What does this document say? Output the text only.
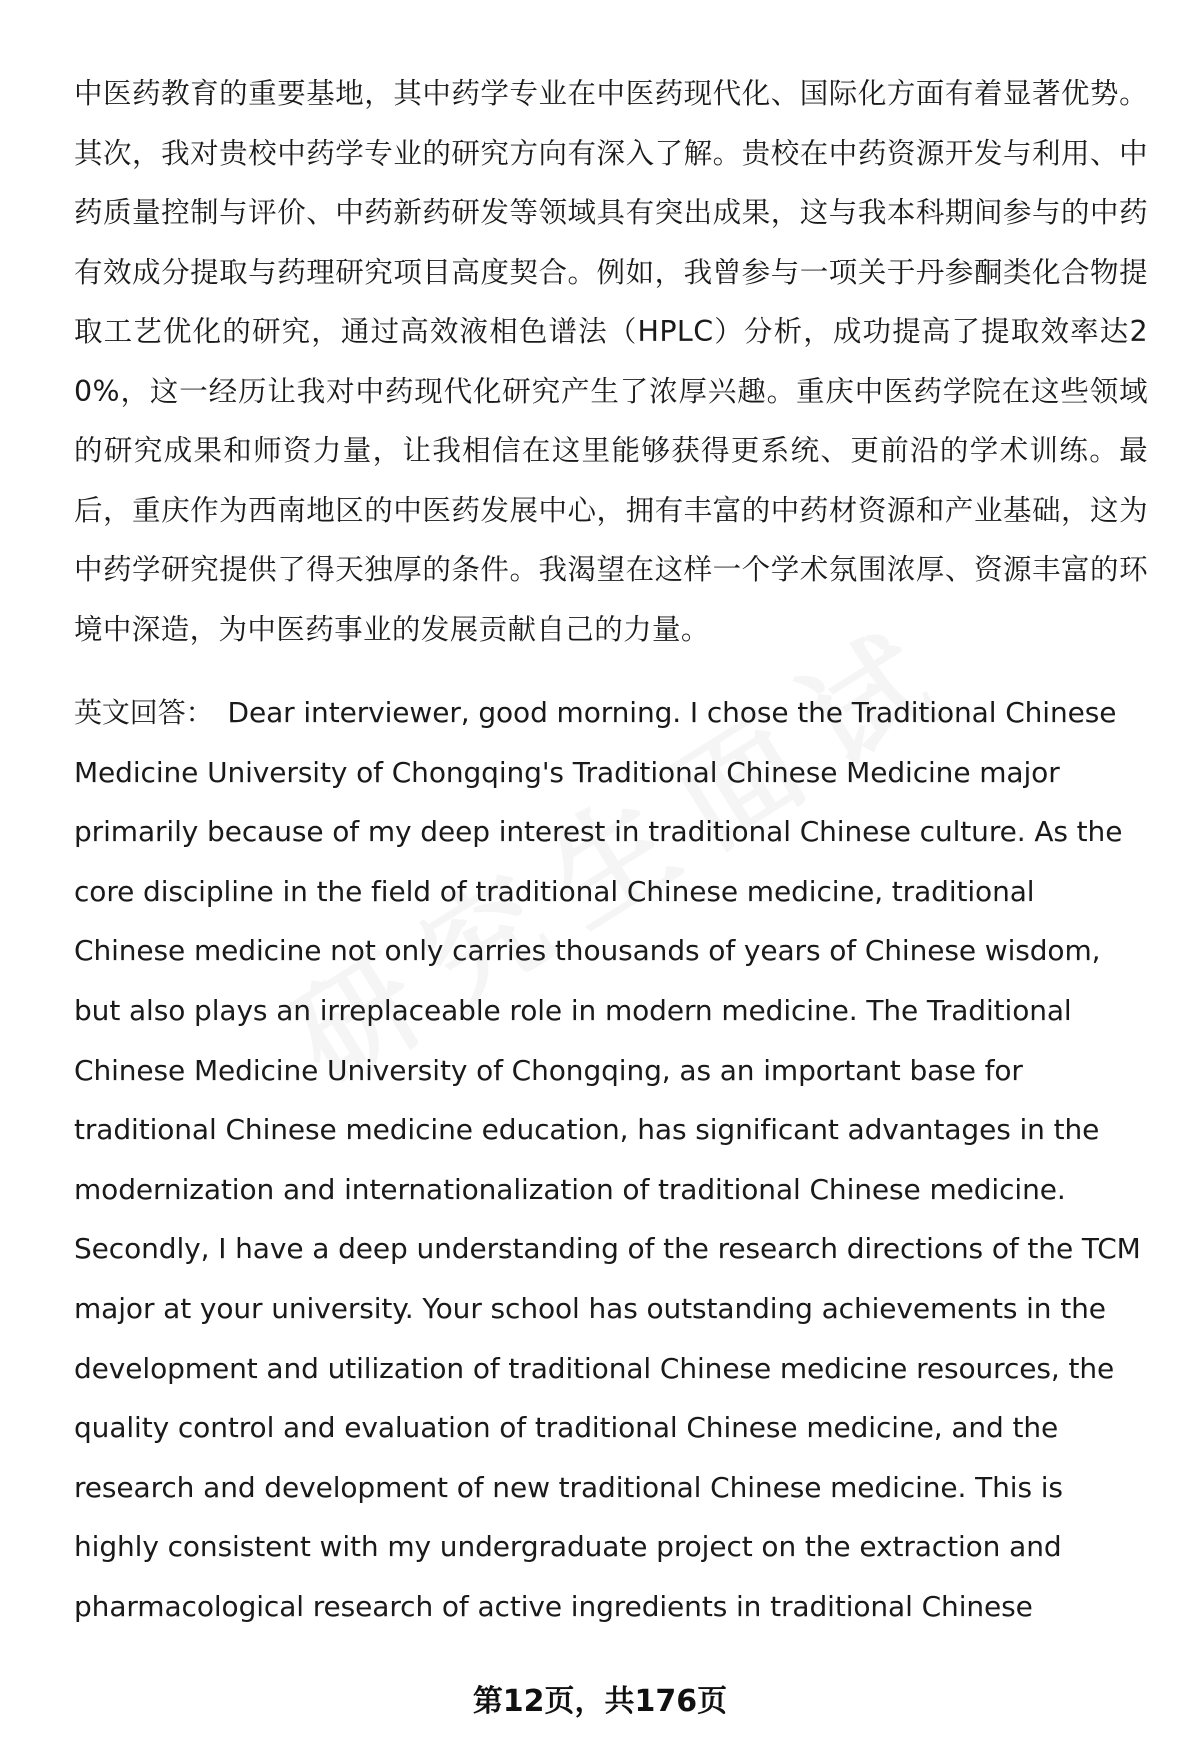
中医药教育的重要基地，其中药学专业在中医药现代化、国际化方面有着显著优势。其次，我对贵校中药学专业的研究方向有深入了解。贵校在中药资源开发与利用、中药质量控制与评价、中药新药研发等领域具有突出成果，这与我本科期间参与的中药有效成分提取与药理研究项目高度契合。例如，我曾参与一项关于丹参酮类化合物提取工艺优化的研究，通过高效液相色谱法（HPLC）分析，成功提高了提取效率达20%，这一经历让我对中药现代化研究产生了浓厚兴趣。重庆中医药学院在这些领域的研究成果和师资力量，让我相信在这里能够获得更系统、更前沿的学术训练。最后，重庆作为西南地区的中医药发展中心，拥有丰富的中药材资源和产业基础，这为中药学研究提供了得天独厚的条件。我渴望在这样一个学术氛围浓厚、资源丰富的环境中深造，为中医药事业的发展贡献自己的力量。

英文回答： Dear interviewer, good morning. I chose the Traditional Chinese Medicine University of Chongqing's Traditional Chinese Medicine major primarily because of my deep interest in traditional Chinese culture. As the core discipline in the field of traditional Chinese medicine, traditional Chinese medicine not only carries thousands of years of Chinese wisdom, but also plays an irreplaceable role in modern medicine. The Traditional Chinese Medicine University of Chongqing, as an important base for traditional Chinese medicine education, has significant advantages in the modernization and internationalization of traditional Chinese medicine. Secondly, I have a deep understanding of the research directions of the TCM major at your university. Your school has outstanding achievements in the development and utilization of traditional Chinese medicine resources, the quality control and evaluation of traditional Chinese medicine, and the research and development of new traditional Chinese medicine. This is highly consistent with my undergraduate project on the extraction and pharmacological research of active ingredients in traditional Chinese

第12页，共176页
